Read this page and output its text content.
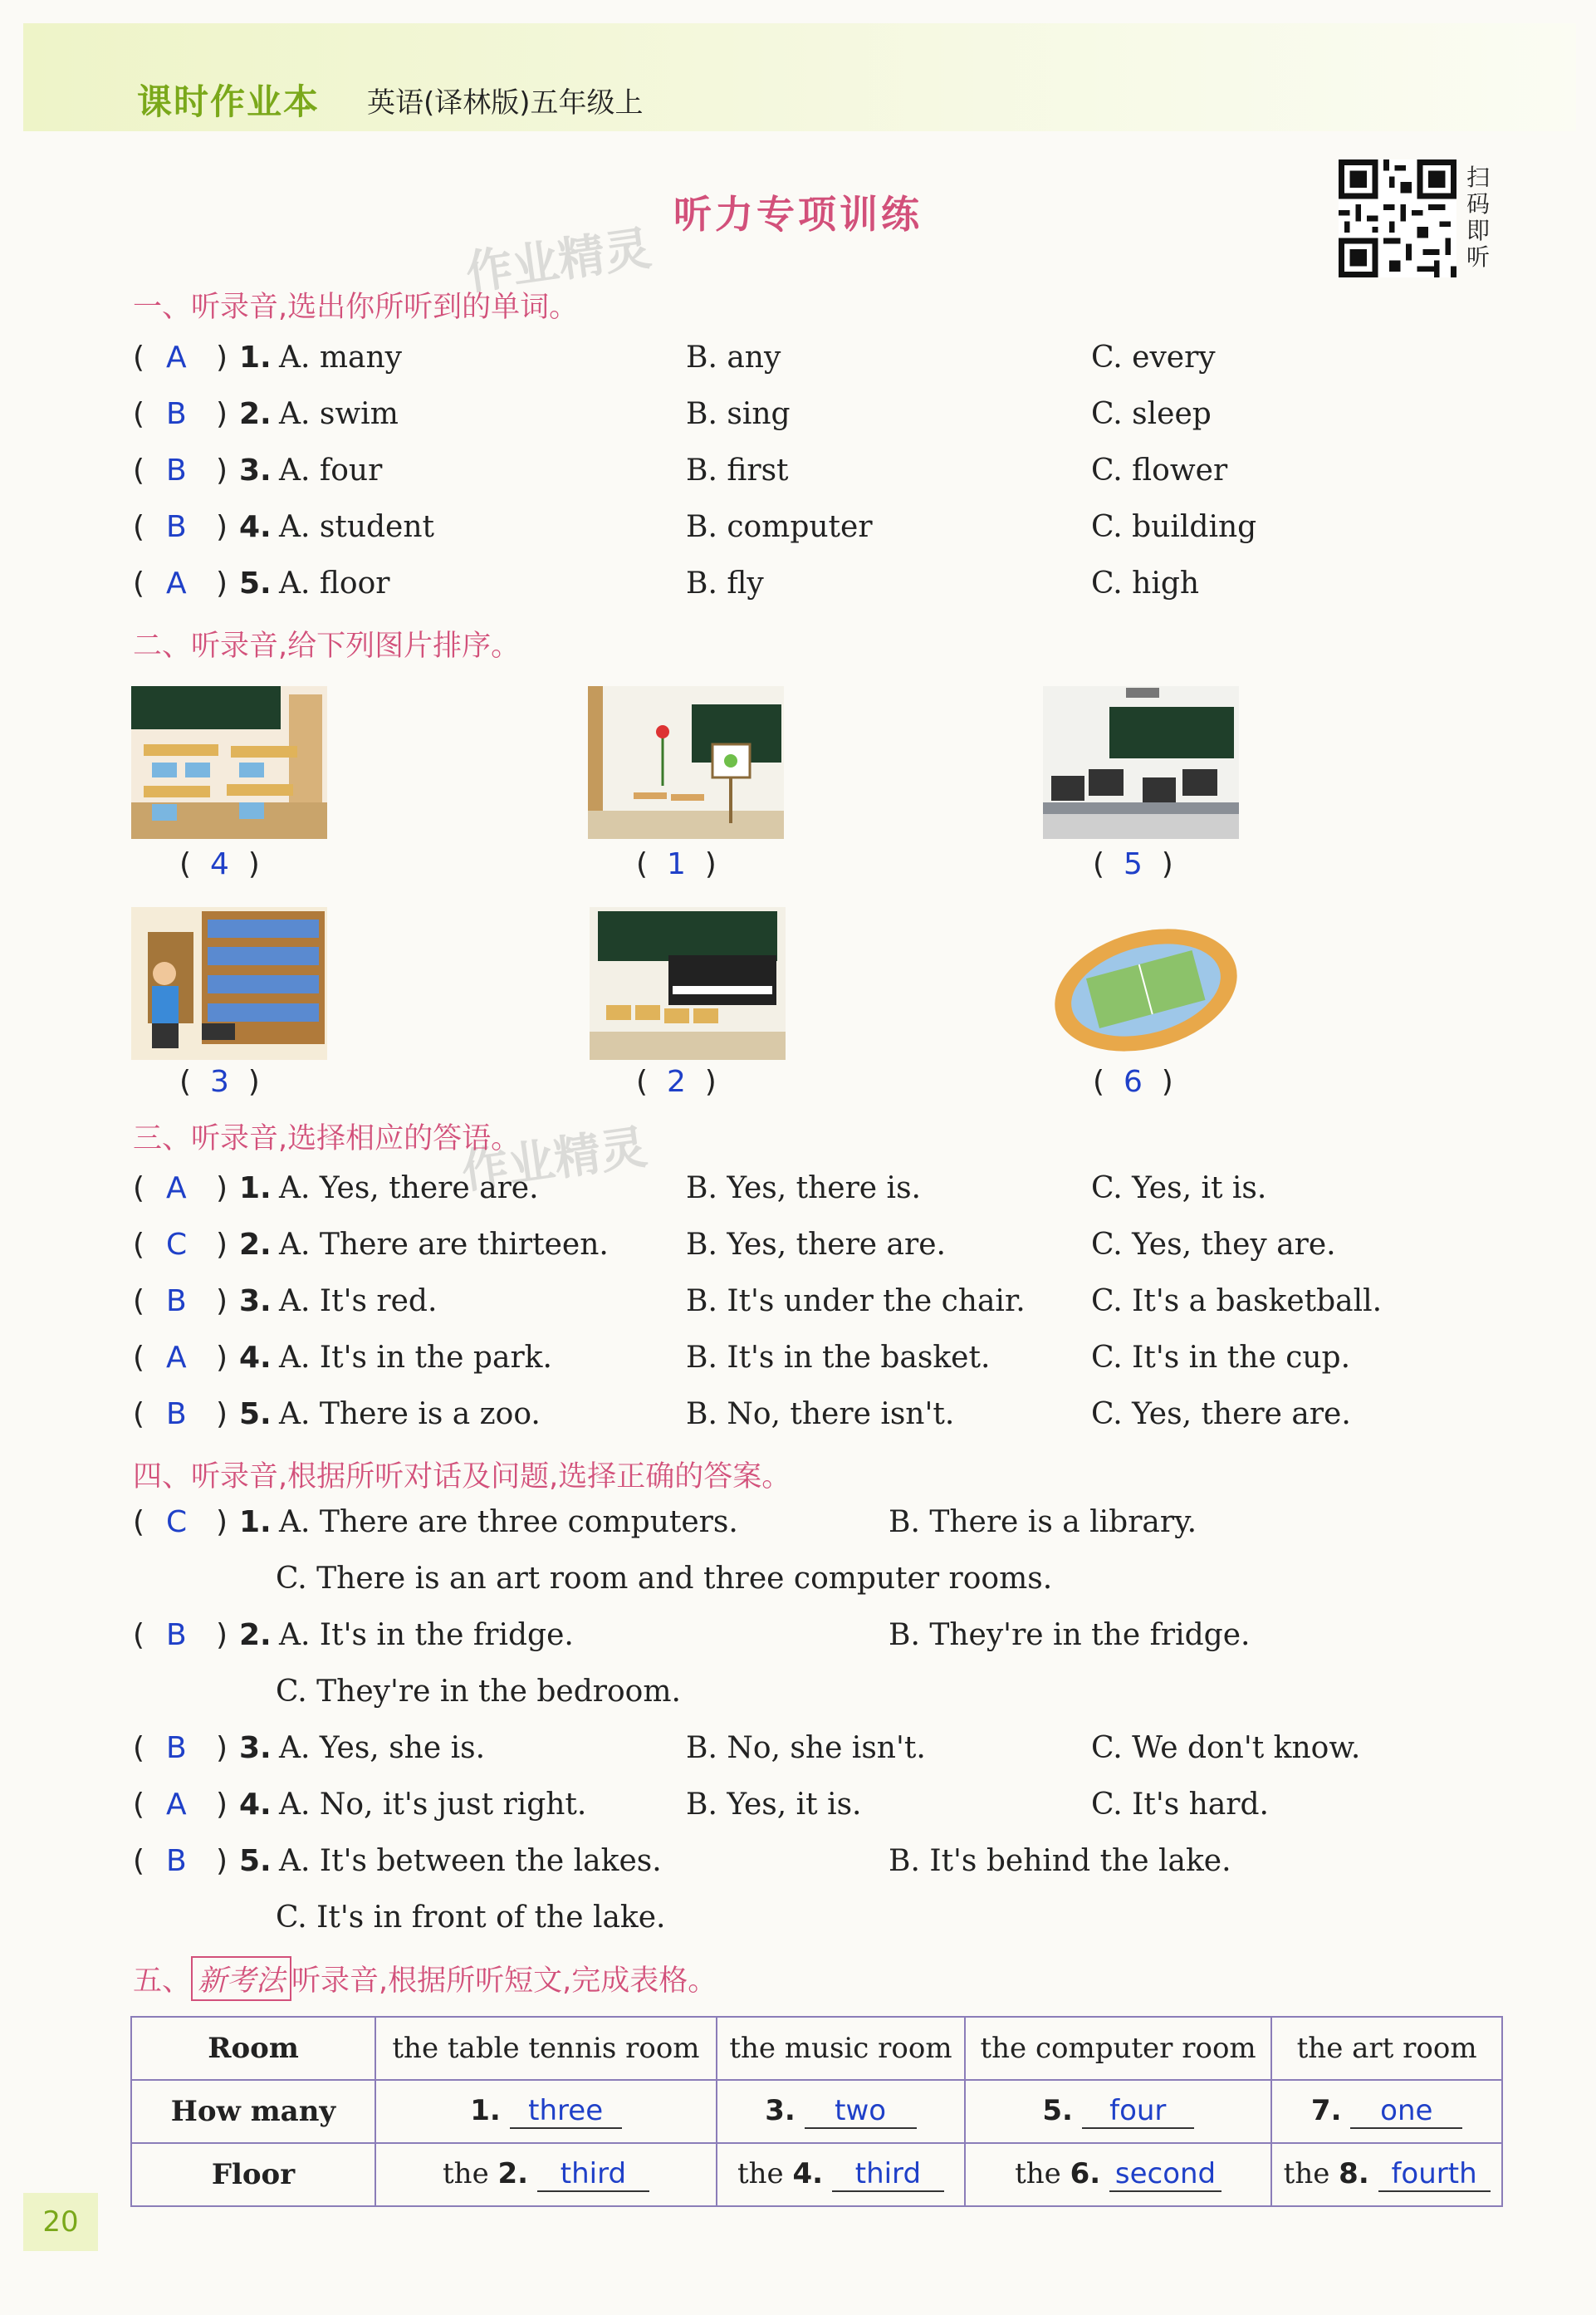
课时作业本 英语(译林版)五年级上
听力专项训练
作业精灵
作业精灵
扫码即听
一、听录音,选出你所听到的单词。
( A ) 1. A. many	B. any	C. every
( B ) 2. A. swim	B. sing	C. sleep
( B ) 3. A. four	B. first	C. flower
( B ) 4. A. student	B. computer	C. building
( A ) 5. A. floor	B. fly	C. high
二、听录音,给下列图片排序。
(  4  )	(  1  )	(  5  )
(  3  )	(  2  )	(  6  )
三、听录音,选择相应的答语。
( A ) 1. A. Yes, there are.	B. Yes, there is.	C. Yes, it is.
( C ) 2. A. There are thirteen.	B. Yes, there are.	C. Yes, they are.
( B ) 3. A. It's red.	B. It's under the chair. C. It's a basketball.
( A ) 4. A. It's in the park.	B. It's in the basket.	C. It's in the cup.
( B ) 5. A. There is a zoo.	B. No, there isn't.	C. Yes, there are.
四、听录音,根据所听对话及问题,选择正确的答案。
( C ) 1. A. There are three computers.	B. There is a library.
C. There is an art room and three computer rooms.
( B ) 2. A. It's in the fridge.	B. They're in the fridge.
C. They're in the bedroom.
( B ) 3. A. Yes, she is.	B. No, she isn't.	C. We don't know.
( A ) 4. A. No, it's just right.	B. Yes, it is.	C. It's hard.
( B ) 5. A. It's between the lakes.	B. It's behind the lake.
C. It's in front of the lake.
五、 新考法 听录音,根据所听短文,完成表格。
Room	the table tennis room	the music room	the computer room	the art room
How many	1. three	3. two	5. four	7. one
Floor	the 2. third	the 4. third	the 6. second	the 8. fourth
20
